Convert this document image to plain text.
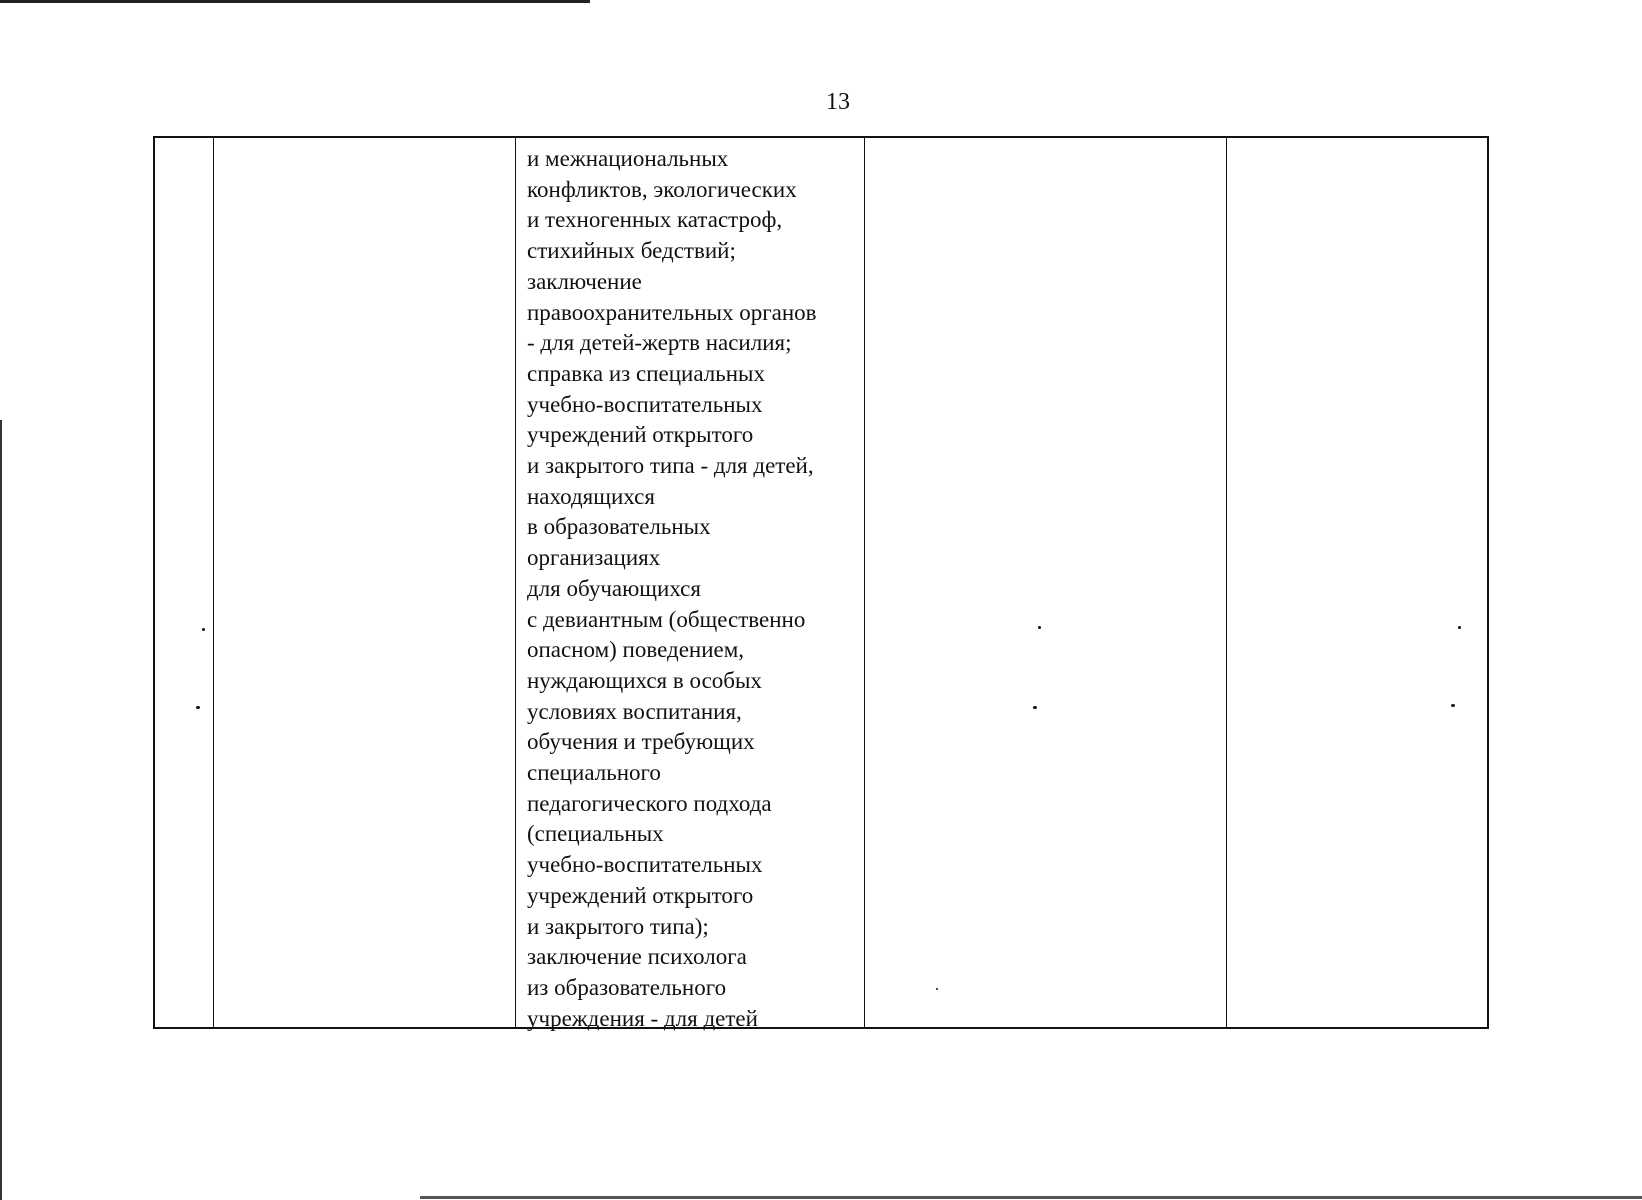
13
и межнациональных
конфликтов, экологических
и техногенных катастроф,
стихийных бедствий;
заключение
правоохранительных органов
- для детей-жертв насилия;
справка из специальных
учебно-воспитательных
учреждений открытого
и закрытого типа - для детей,
находящихся
в образовательных
организациях
для обучающихся
с девиантным (общественно
опасном) поведением,
нуждающихся в особых
условиях воспитания,
обучения и требующих
специального
педагогического подхода
(специальных
учебно-воспитательных
учреждений открытого
и закрытого типа);
заключение психолога
из образовательного
учреждения - для детей
